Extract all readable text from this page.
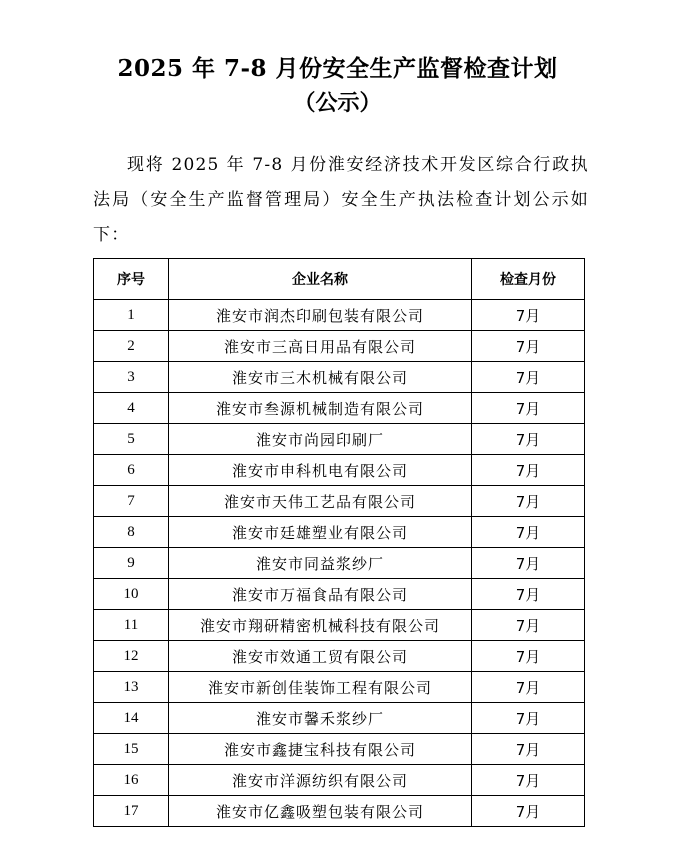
2025 年 7-8 月份安全生产监督检查计划
（公示）
现将 2025 年 7-8 月份淮安经济技术开发区综合行政执法局（安全生产监督管理局）安全生产执法检查计划公示如下：
序号	企业名称	检查月份
1	淮安市润杰印刷包装有限公司	7月
2	淮安市三高日用品有限公司	7月
3	淮安市三木机械有限公司	7月
4	淮安市叁源机械制造有限公司	7月
5	淮安市尚园印刷厂	7月
6	淮安市申科机电有限公司	7月
7	淮安市天伟工艺品有限公司	7月
8	淮安市廷雄塑业有限公司	7月
9	淮安市同益浆纱厂	7月
10	淮安市万福食品有限公司	7月
11	淮安市翔研精密机械科技有限公司	7月
12	淮安市效通工贸有限公司	7月
13	淮安市新创佳装饰工程有限公司	7月
14	淮安市馨禾浆纱厂	7月
15	淮安市鑫捷宝科技有限公司	7月
16	淮安市洋源纺织有限公司	7月
17	淮安市亿鑫吸塑包装有限公司	7月
